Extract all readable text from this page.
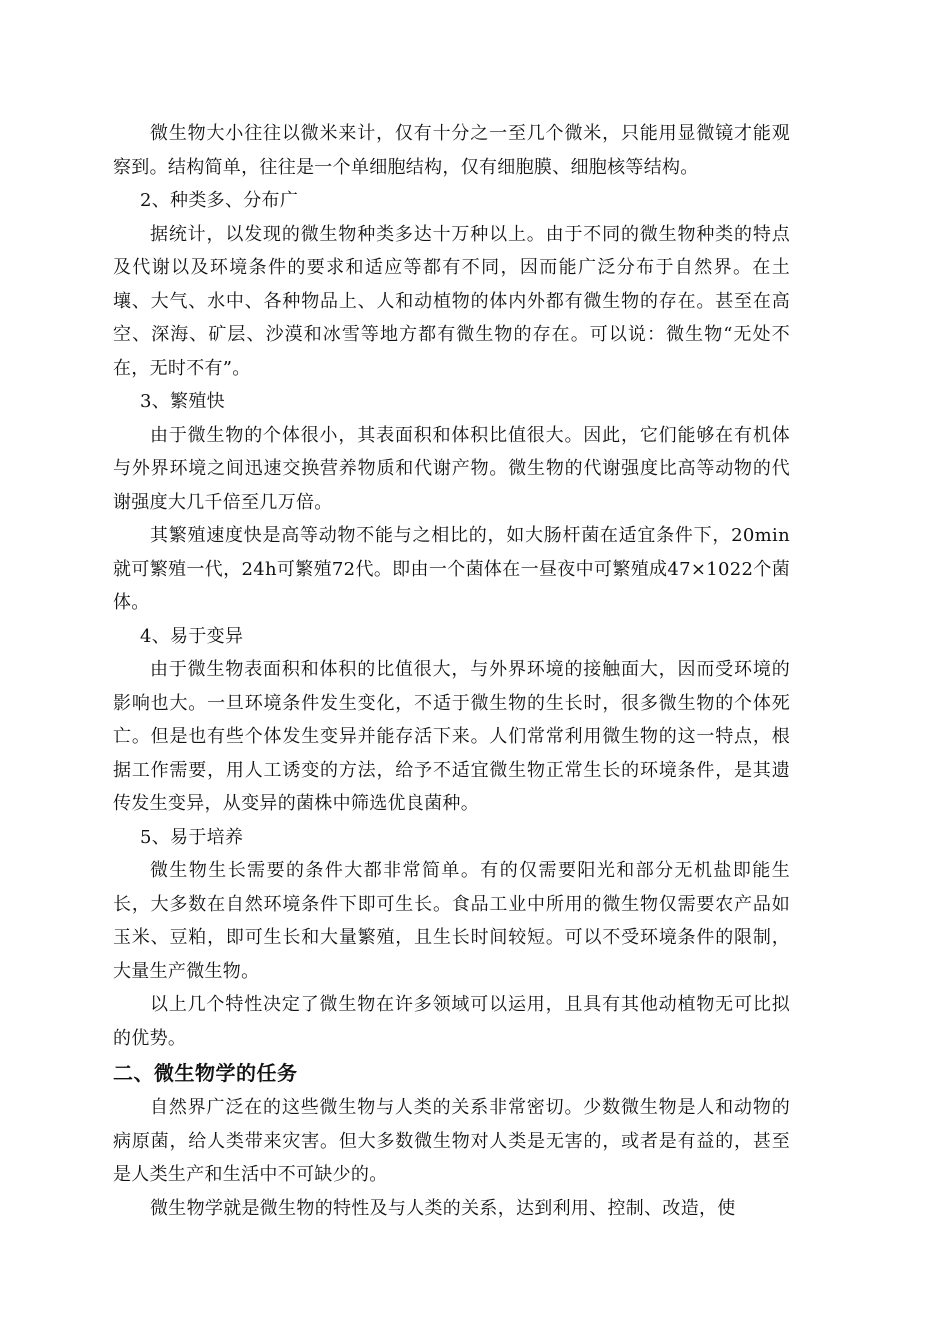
微生物大小往往以微米来计，仅有十分之一至几个微米，只能用显微镜才能观察到。结构简单，往往是一个单细胞结构，仅有细胞膜、细胞核等结构。

2、种类多、分布广

据统计，以发现的微生物种类多达十万种以上。由于不同的微生物种类的特点及代谢以及环境条件的要求和适应等都有不同，因而能广泛分布于自然界。在土壤、大气、水中、各种物品上、人和动植物的体内外都有微生物的存在。甚至在高空、深海、矿层、沙漠和冰雪等地方都有微生物的存在。可以说：微生物“无处不在，无时不有”。

3、繁殖快

由于微生物的个体很小，其表面积和体积比值很大。因此，它们能够在有机体与外界环境之间迅速交换营养物质和代谢产物。微生物的代谢强度比高等动物的代谢强度大几千倍至几万倍。

其繁殖速度快是高等动物不能与之相比的，如大肠杆菌在适宜条件下，20min就可繁殖一代，24h可繁殖72代。即由一个菌体在一昼夜中可繁殖成47×1022个菌体。

4、易于变异

由于微生物表面积和体积的比值很大，与外界环境的接触面大，因而受环境的影响也大。一旦环境条件发生变化，不适于微生物的生长时，很多微生物的个体死亡。但是也有些个体发生变异并能存活下来。人们常常利用微生物的这一特点，根据工作需要，用人工诱变的方法，给予不适宜微生物正常生长的环境条件，是其遗传发生变异，从变异的菌株中筛选优良菌种。

5、易于培养

微生物生长需要的条件大都非常简单。有的仅需要阳光和部分无机盐即能生长，大多数在自然环境条件下即可生长。食品工业中所用的微生物仅需要农产品如玉米、豆粕，即可生长和大量繁殖，且生长时间较短。可以不受环境条件的限制，大量生产微生物。

以上几个特性决定了微生物在许多领域可以运用，且具有其他动植物无可比拟的优势。

二、微生物学的任务

自然界广泛在的这些微生物与人类的关系非常密切。少数微生物是人和动物的病原菌，给人类带来灾害。但大多数微生物对人类是无害的，或者是有益的，甚至是人类生产和生活中不可缺少的。

微生物学就是微生物的特性及与人类的关系，达到利用、控制、改造，使
